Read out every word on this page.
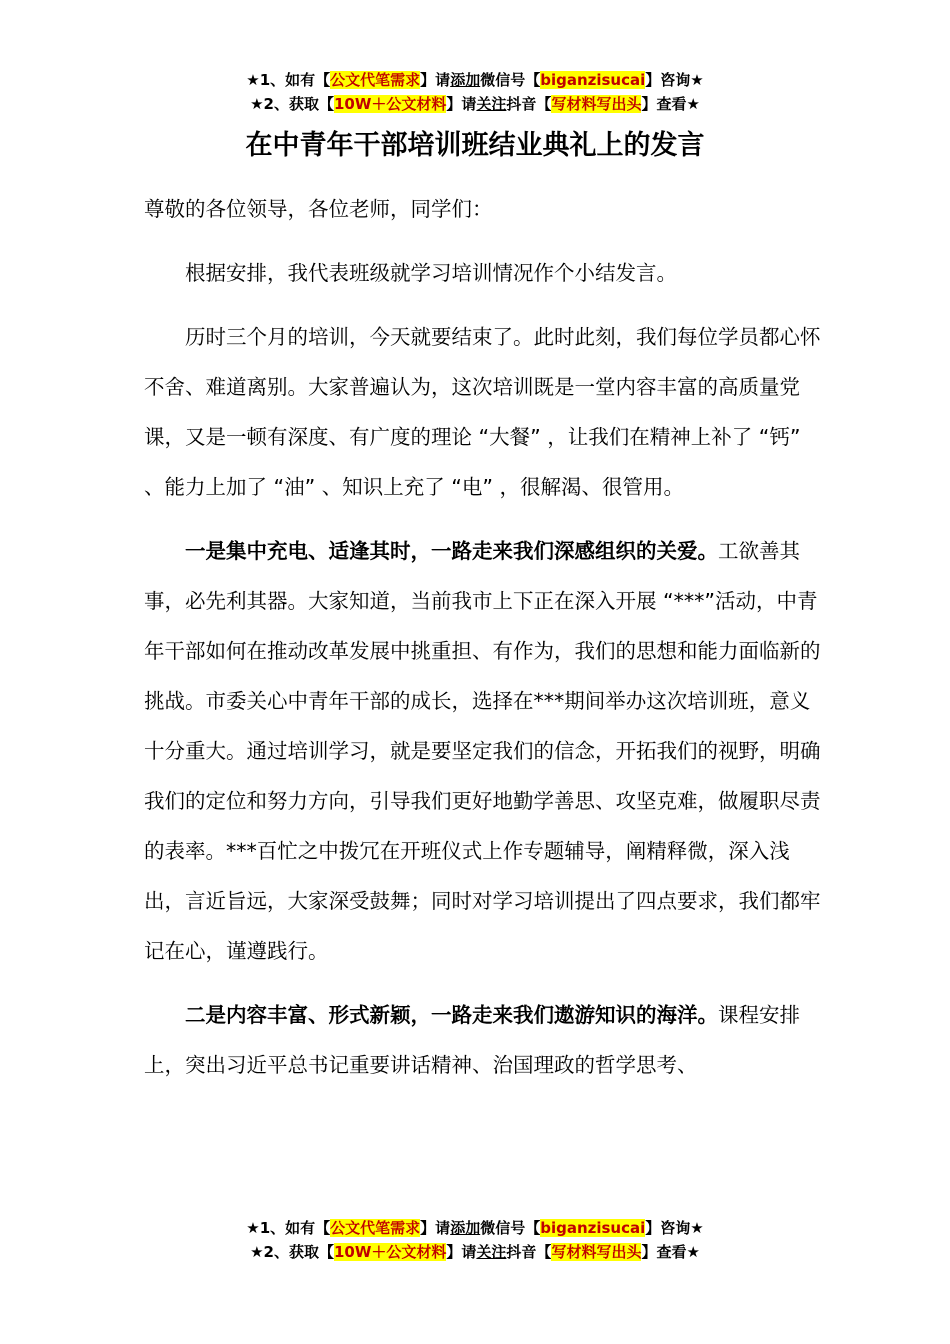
★1、如有【公文代笔需求】请添加微信号【biganzisucai】咨询★
★2、获取【10W＋公文材料】请关注抖音【写材料写出头】查看★
在中青年干部培训班结业典礼上的发言

尊敬的各位领导，各位老师，同学们：

根据安排，我代表班级就学习培训情况作个小结发言。

历时三个月的培训，今天就要结束了。此时此刻，我们每位学员都心怀不舍、难道离别。大家普遍认为，这次培训既是一堂内容丰富的高质量党课，又是一顿有深度、有广度的理论 “大餐” ，让我们在精神上补了 “钙” 、能力上加了 “油” 、知识上充了 “电” ，很解渴、很管用。

一是集中充电、适逢其时，一路走来我们深感组织的关爱。工欲善其事，必先利其器。大家知道，当前我市上下正在深入开展 “***”活动，中青年干部如何在推动改革发展中挑重担、有作为，我们的思想和能力面临新的挑战。市委关心中青年干部的成长，选择在***期间举办这次培训班，意义十分重大。通过培训学习，就是要坚定我们的信念，开拓我们的视野，明确我们的定位和努力方向，引导我们更好地勤学善思、攻坚克难，做履职尽责的表率。***百忙之中拨冗在开班仪式上作专题辅导，阐精释微，深入浅出，言近旨远，大家深受鼓舞；同时对学习培训提出了四点要求，我们都牢记在心，谨遵践行。

二是内容丰富、形式新颖，一路走来我们遨游知识的海洋。课程安排上，突出习近平总书记重要讲话精神、治国理政的哲学思考、

★1、如有【公文代笔需求】请添加微信号【biganzisucai】咨询★
★2、获取【10W＋公文材料】请关注抖音【写材料写出头】查看★
